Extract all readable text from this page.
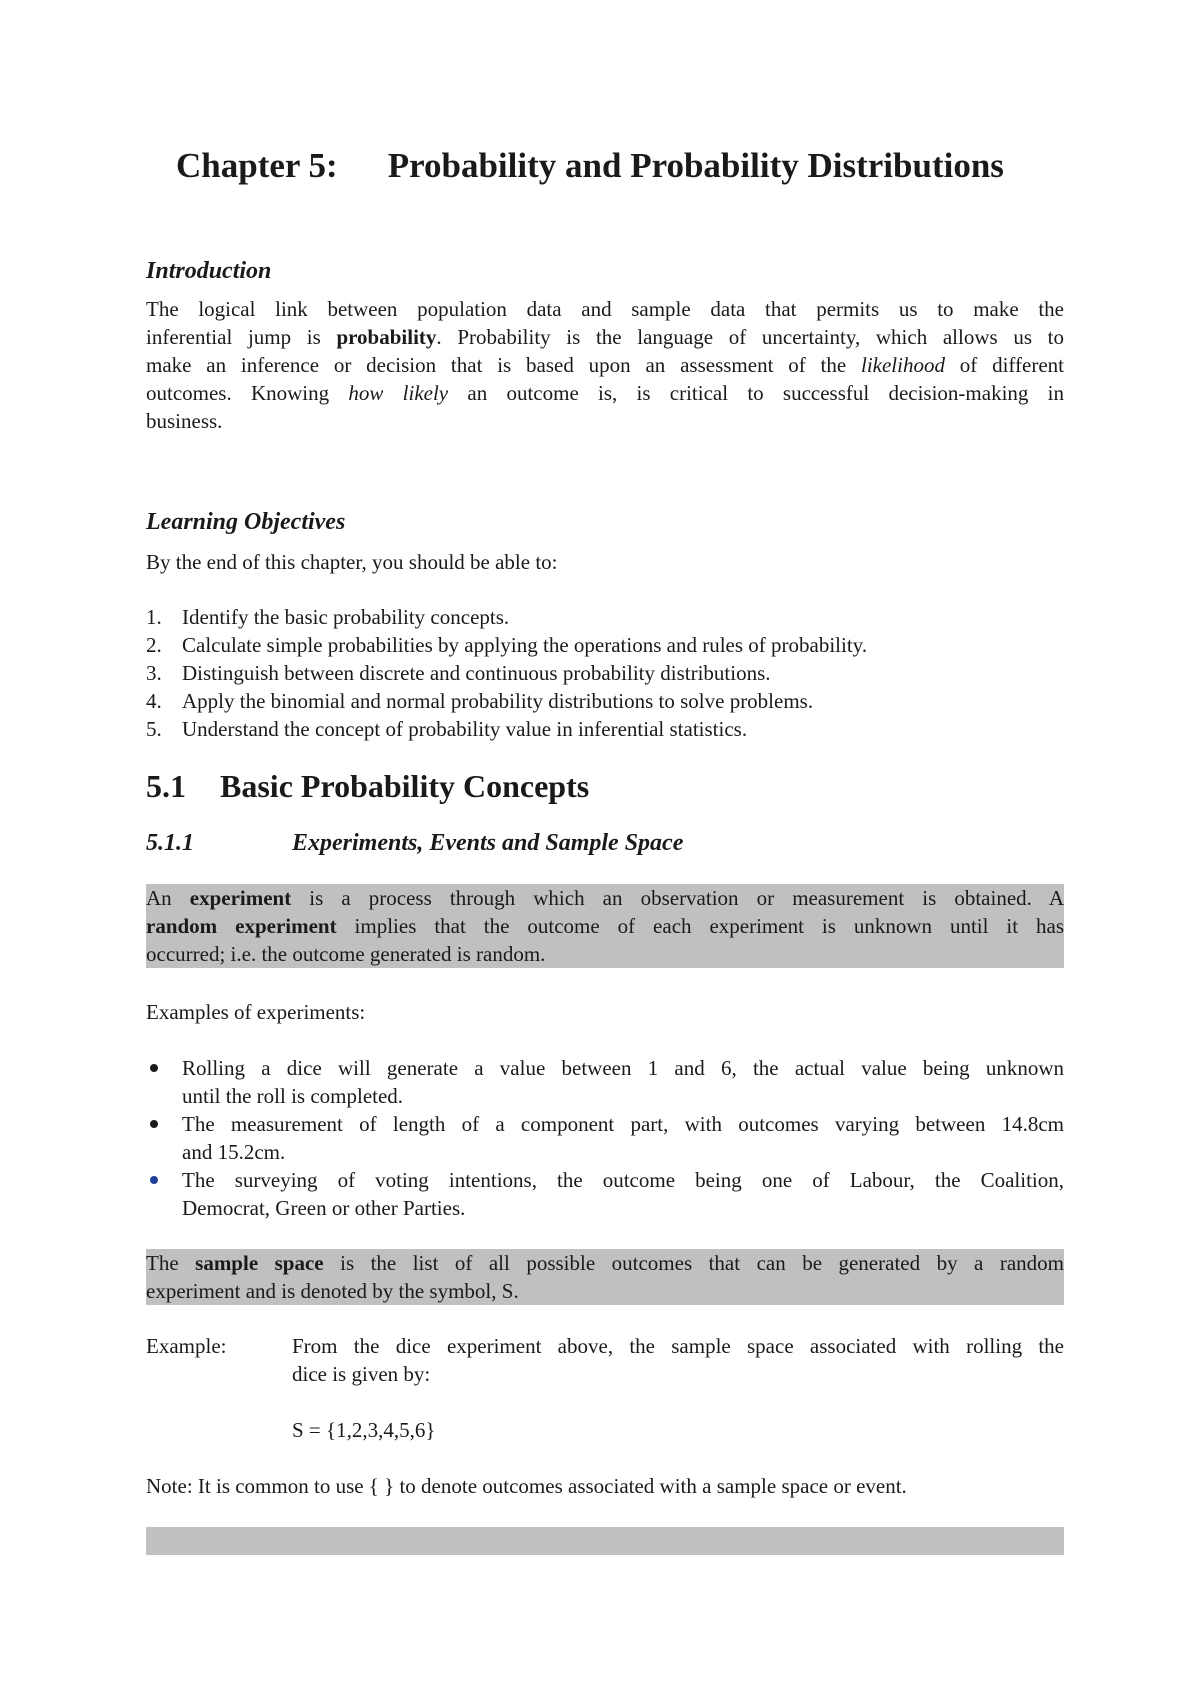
Chapter 5: Probability and Probability Distributions
Introduction
The logical link between population data and sample data that permits us to make the
inferential jump is probability. Probability is the language of uncertainty, which allows us to
make an inference or decision that is based upon an assessment of the likelihood of different
outcomes. Knowing how likely an outcome is, is critical to successful decision-making in
business.
Learning Objectives
By the end of this chapter, you should be able to:
1. Identify the basic probability concepts.
2. Calculate simple probabilities by applying the operations and rules of probability.
3. Distinguish between discrete and continuous probability distributions.
4. Apply the binomial and normal probability distributions to solve problems.
5. Understand the concept of probability value in inferential statistics.
5.1 Basic Probability Concepts
5.1.1	Experiments, Events and Sample Space
An experiment is a process through which an observation or measurement is obtained. A
random experiment implies that the outcome of each experiment is unknown until it has
occurred; i.e. the outcome generated is random.
Examples of experiments:
Rolling a dice will generate a value between 1 and 6, the actual value being unknown
until the roll is completed.
The measurement of length of a component part, with outcomes varying between 14.8cm
and 15.2cm.
The surveying of voting intentions, the outcome being one of Labour, the Coalition,
Democrat, Green or other Parties.
The sample space is the list of all possible outcomes that can be generated by a random
experiment and is denoted by the symbol, S.
Example:	From the dice experiment above, the sample space associated with rolling the
dice is given by:
S = {1,2,3,4,5,6}
Note: It is common to use { } to denote outcomes associated with a sample space or event.
